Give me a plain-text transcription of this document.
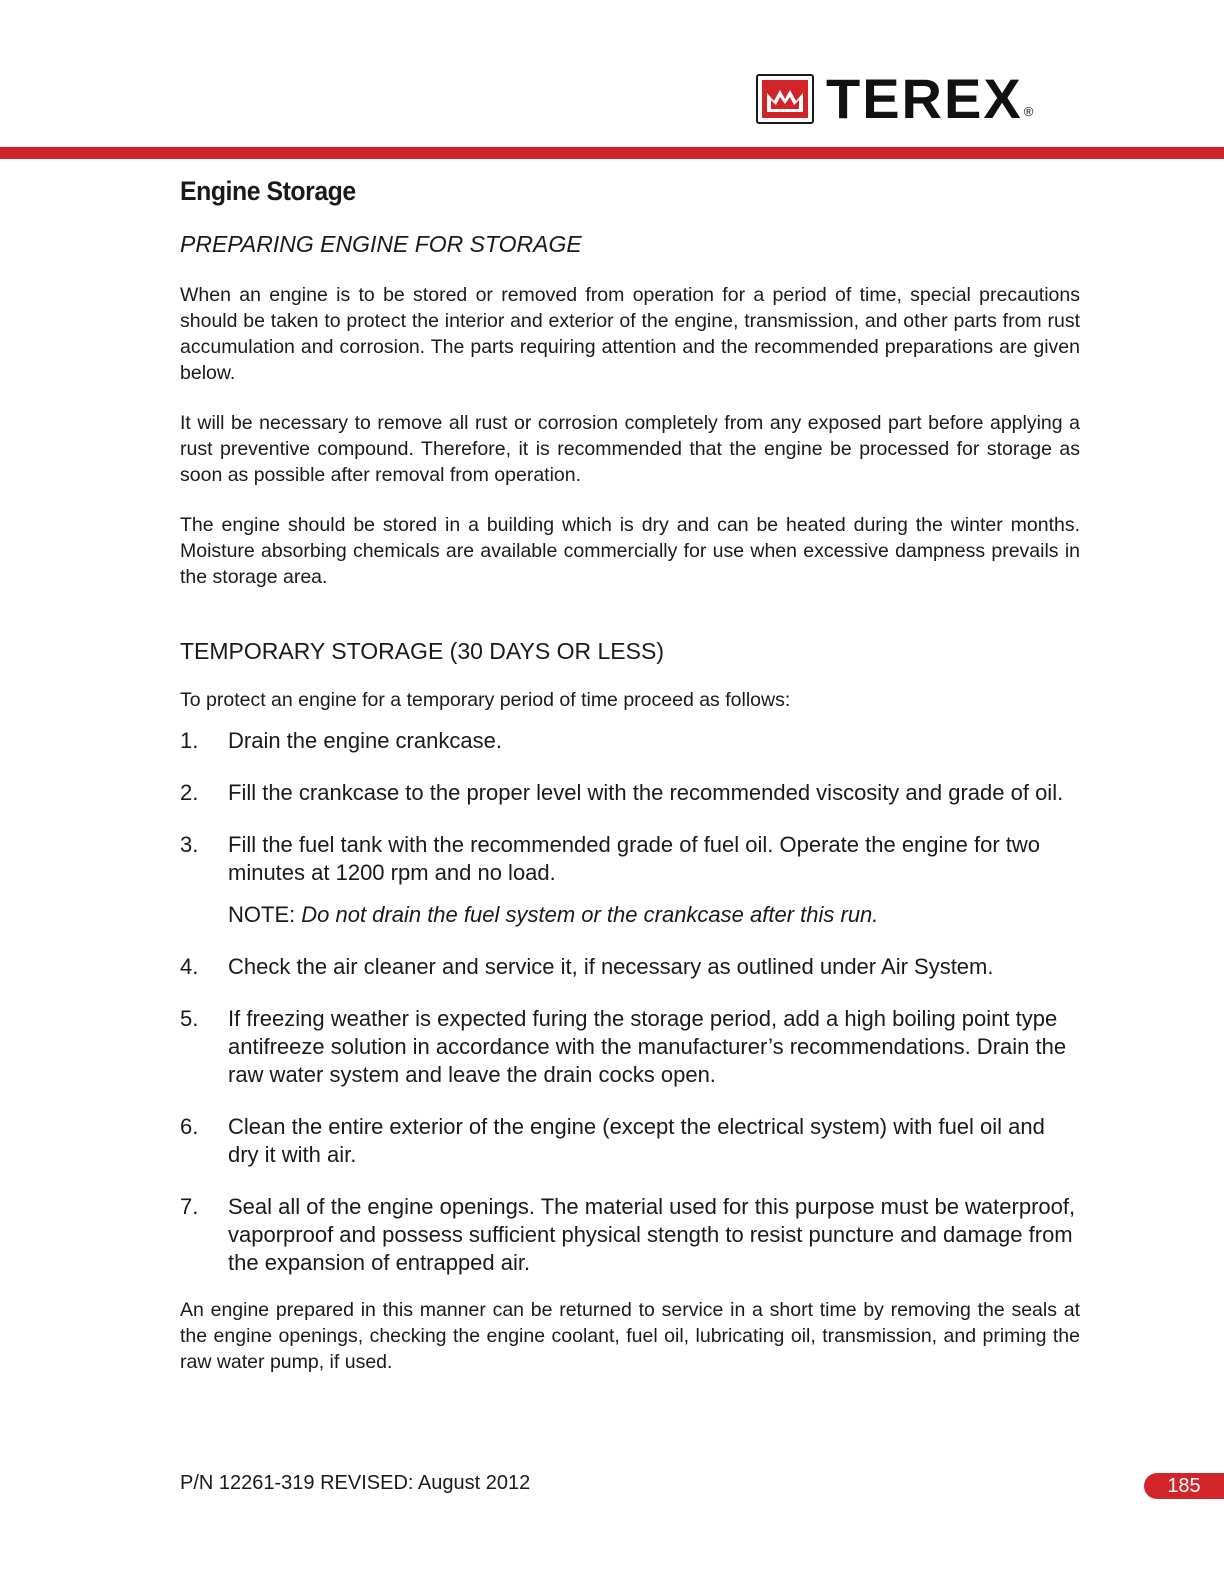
TEREX ®
Engine Storage
PREPARING ENGINE FOR STORAGE

When an engine is to be stored or removed from operation for a period of time, special precautions should be taken to protect the interior and exterior of the engine, transmission, and other parts from rust accumulation and corrosion. The parts requiring attention and the recommended preparations are given below.

It will be necessary to remove all rust or corrosion completely from any exposed part before applying a rust preventive compound. Therefore, it is recommended that the engine be processed for storage as soon as possible after removal from operation.

The engine should be stored in a building which is dry and can be heated during the winter months. Moisture absorbing chemicals are available commercially for use when excessive dampness prevails in the storage area.

TEMPORARY STORAGE (30 DAYS OR LESS)

To protect an engine for a temporary period of time proceed as follows:

1.	Drain the engine crankcase.
2.	Fill the crankcase to the proper level with the recommended viscosity and grade of oil.
3.	Fill the fuel tank with the recommended grade of fuel oil. Operate the engine for two minutes at 1200 rpm and no load.
NOTE: Do not drain the fuel system or the crankcase after this run.
4.	Check the air cleaner and service it, if necessary as outlined under Air System.
5.	If freezing weather is expected furing the storage period, add a high boiling point type antifreeze solution in accordance with the manufacturer’s recommendations. Drain the raw water system and leave the drain cocks open.
6.	Clean the entire exterior of the engine (except the electrical system) with fuel oil and dry it with air.
7.	Seal all of the engine openings. The material used for this purpose must be waterproof, vaporproof and possess sufficient physical stength to resist puncture and damage from the expansion of entrapped air.

An engine prepared in this manner can be returned to service in a short time by removing the seals at the engine openings, checking the engine coolant, fuel oil, lubricating oil, transmission, and priming the raw water pump, if used.

P/N 12261-319 REVISED: August 2012	185
